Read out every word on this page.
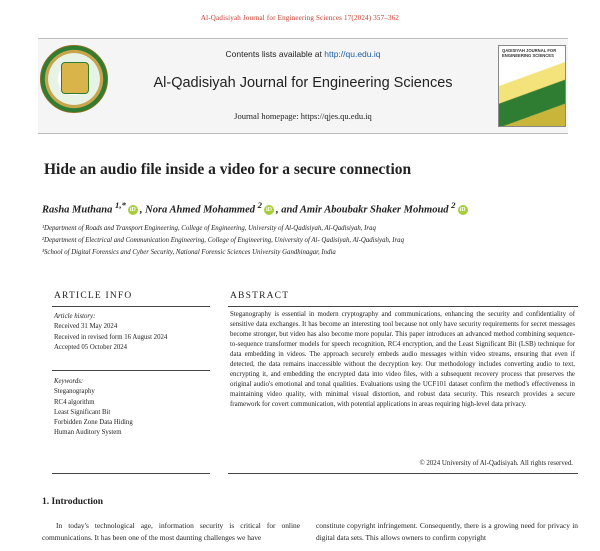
Al-Qadisiyah Journal for Engineering Sciences 17(2024) 357–362
Contents lists available at http://qu.edu.iq
Al-Qadisiyah Journal for Engineering Sciences
Journal homepage: https://qjes.qu.edu.iq
QADISIYAH JOURNAL FOR ENGINEERING SCIENCES
Hide an audio file inside a video for a secure connection
Rasha Muthana $^{1,*}$iD , Nora Ahmed Mohammed $^2$iD , and Amir Aboubakr Shaker Mohmoud $^2$iD
¹Department of Roads and Transport Engineering, College of Engineering, University of Al-Qadisiyah, Al-Qadisiyah, Iraq
²Department of Electrical and Communication Engineering, College of Engineering, University of Al- Qadisiyah, Al-Qadisiyah, Iraq
³School of Digital Forensics and Cyber Security, National Forensic Sciences University Gandhinagar, India
ARTICLE INFO	ABSTRACT
Article history:
Received 31 May 2024
Received in revised form 16 August 2024
Accepted 05 October 2024
Keywords:
Steganography
RC4 algorithm
Least Significant Bit
Forbidden Zone Data Hiding
Human Auditory System
Steganography is essential in modern cryptography and communications, enhancing the security and confidentiality of sensitive data exchanges. It has become an interesting tool because not only have security requirements for secret messages become stronger, but video has also become more popular. This paper introduces an advanced method combining sequence-to-sequence transformer models for speech recognition, RC4 encryption, and the Least Significant Bit (LSB) technique for data embedding in videos. The approach securely embeds audio messages within video streams, ensuring that even if detected, the data remains inaccessible without the decryption key. Our methodology includes converting audio to text, encrypting it, and embedding the encrypted data into video files, with a subsequent recovery process that preserves the original audio's emotional and tonal qualities. Evaluations using the UCF101 dataset confirm the method's effectiveness in maintaining video quality, with minimal visual distortion, and robust data security. This research provides a secure framework for covert communication, with potential applications in areas requiring high-level data privacy.
© 2024 University of Al-Qadisiyah. All rights reserved.
1. Introduction
In today's technological age, information security is critical for online communications. It has been one of the most daunting challenges we have
constitute copyright infringement. Consequently, there is a growing need for privacy in digital data sets. This allows owners to confirm copyright
